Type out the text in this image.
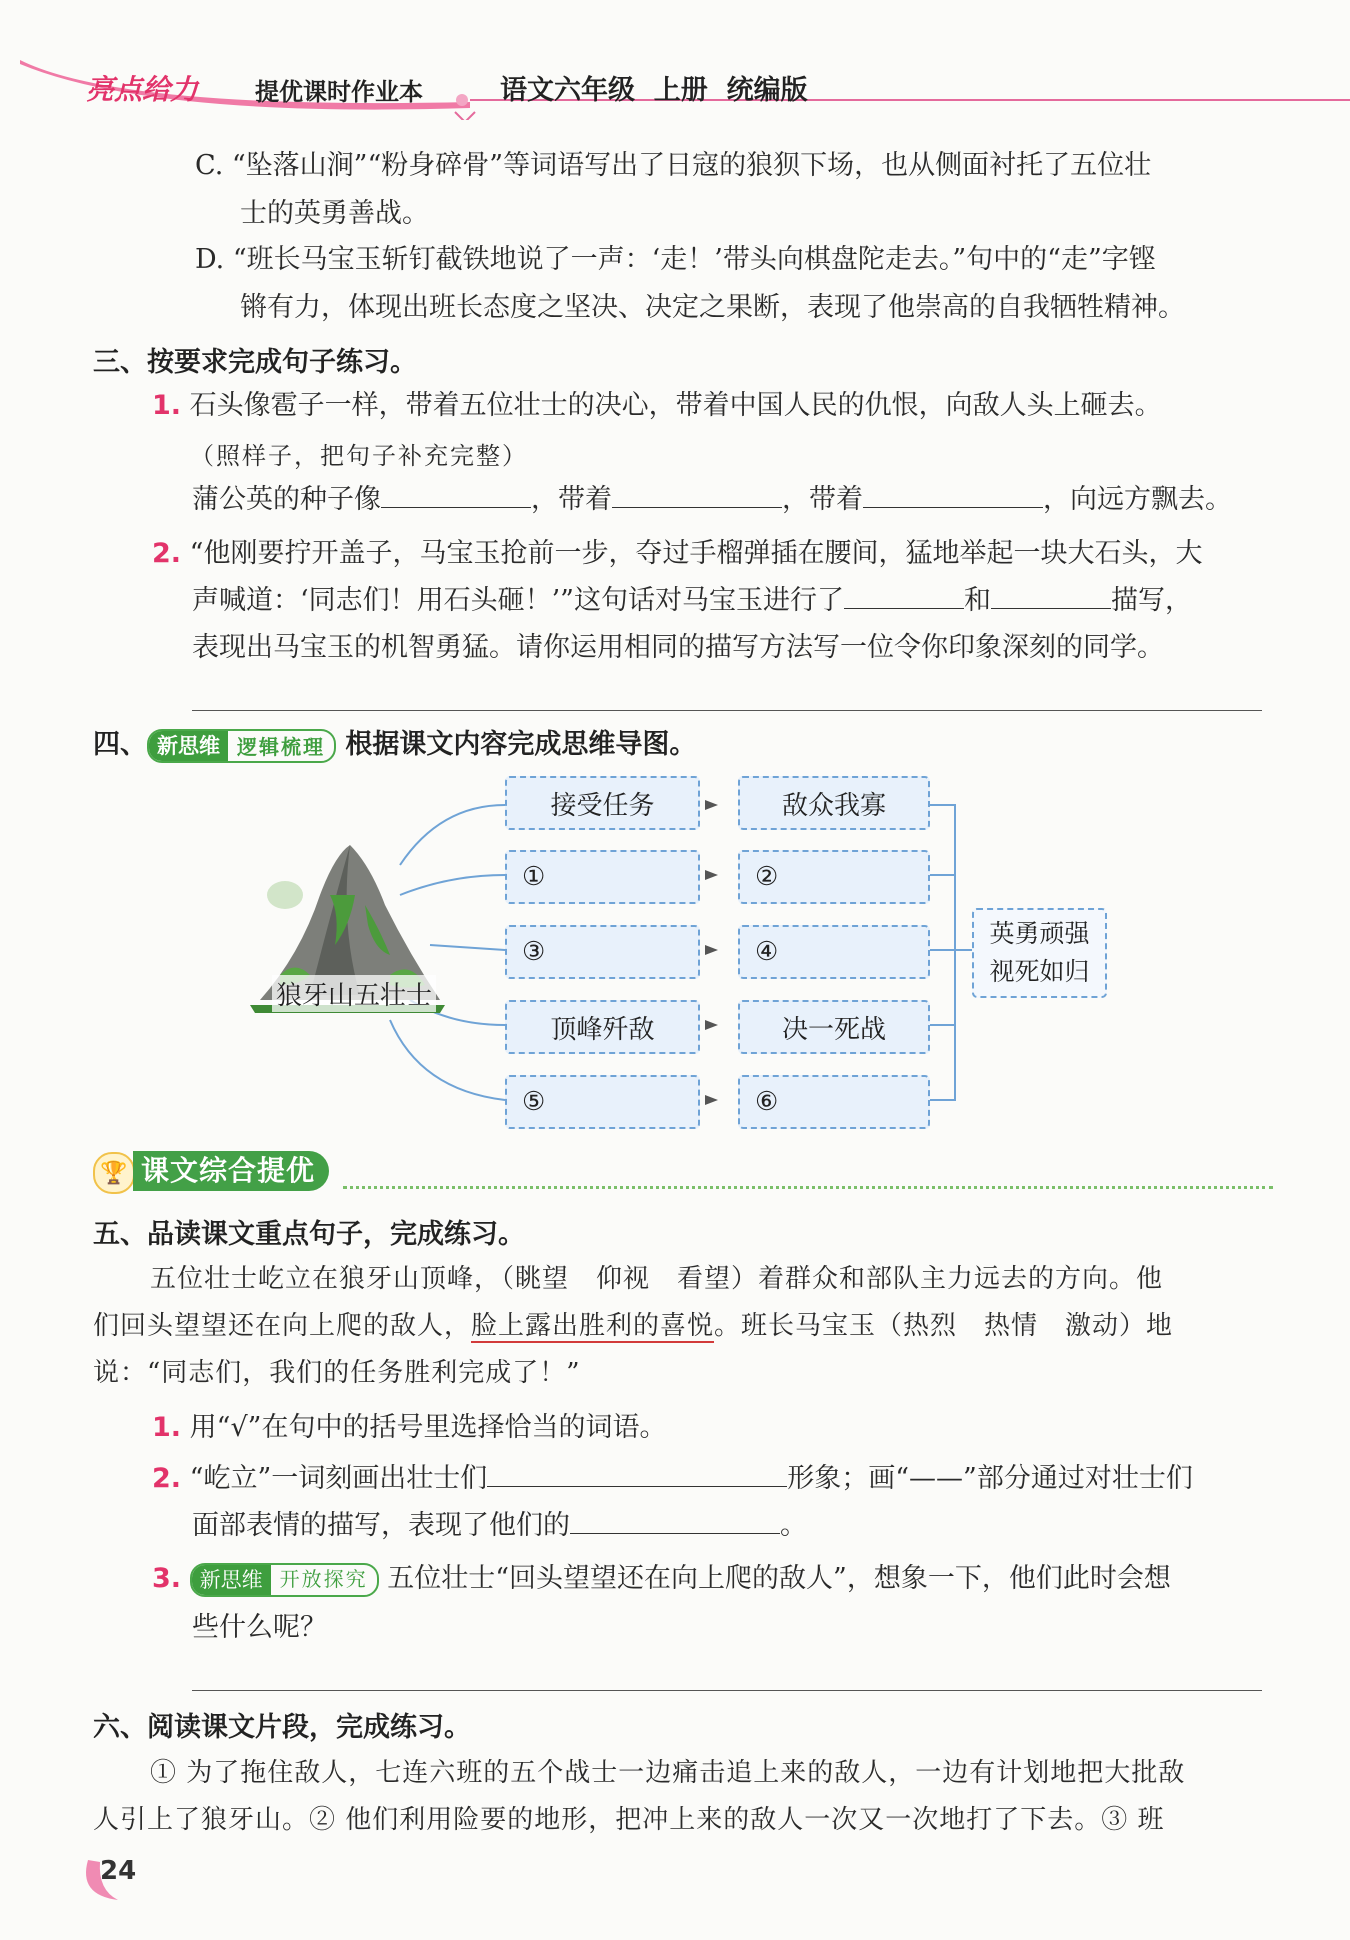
亮点给力 提优课时作业本	语文六年级  上册  统编版
C. “坠落山涧”“粉身碎骨”等词语写出了日寇的狼狈下场，也从侧面衬托了五位壮
士的英勇善战。
D. “班长马宝玉斩钉截铁地说了一声：‘走！’带头向棋盘陀走去。”句中的“走”字铿
锵有力，体现出班长态度之坚决、决定之果断，表现了他崇高的自我牺牲精神。
三、按要求完成句子练习。
1. 石头像雹子一样，带着五位壮士的决心，带着中国人民的仇恨，向敌人头上砸去。
（照样子，把句子补充完整）
蒲公英的种子像	，带着	，带着	，向远方飘去。
2. “他刚要拧开盖子，马宝玉抢前一步，夺过手榴弹插在腰间，猛地举起一块大石头，大
声喊道：‘同志们！用石头砸！’”这句话对马宝玉进行了	和	描写，
表现出马宝玉的机智勇猛。请你运用相同的描写方法写一位令你印象深刻的同学。
四、 新思维 逻辑梳理 根据课文内容完成思维导图。
狼牙山五壮士
接受任务
①
③
顶峰歼敌
⑤
敌众我寡
②
④
决一死战
⑥
英勇顽强
视死如归
🏆 课文综合提优
五、品读课文重点句子，完成练习。
五位壮士屹立在狼牙山顶峰，（眺望　仰视　看望）着群众和部队主力远去的方向。他
们回头望望还在向上爬的敌人，脸上露出胜利的喜悦。班长马宝玉（热烈　热情　激动）地
说：“同志们，我们的任务胜利完成了！”
1. 用“√”在句中的括号里选择恰当的词语。
2. “屹立”一词刻画出壮士们	形象；画“——”部分通过对壮士们
面部表情的描写，表现了他们的	。
3. 新思维 开放探究 五位壮士“回头望望还在向上爬的敌人”，想象一下，他们此时会想
些什么呢？
六、阅读课文片段，完成练习。
① 为了拖住敌人，七连六班的五个战士一边痛击追上来的敌人，一边有计划地把大批敌
人引上了狼牙山。② 他们利用险要的地形，把冲上来的敌人一次又一次地打了下去。③ 班
24
